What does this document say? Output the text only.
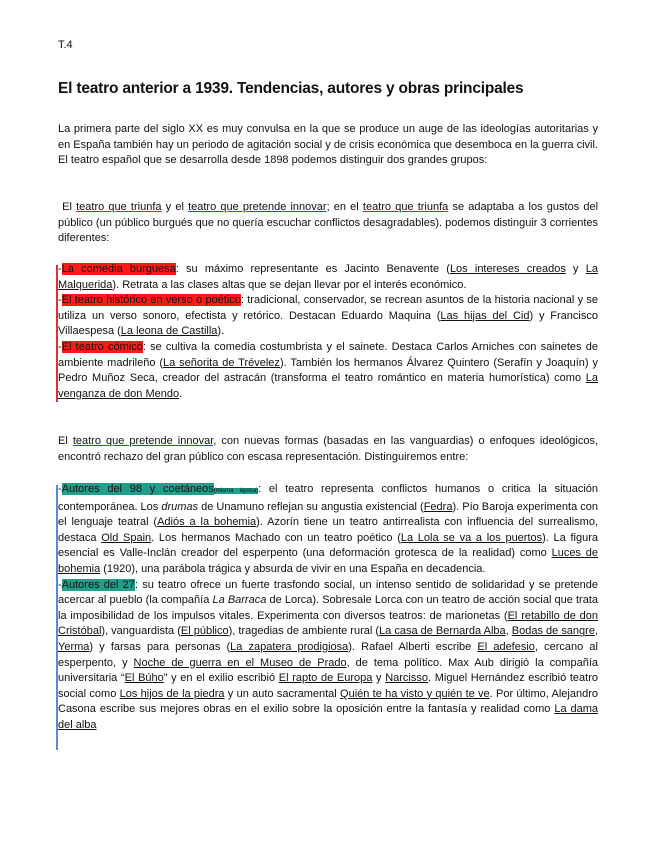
T.4
El teatro anterior a 1939. Tendencias, autores y obras principales

La primera parte del siglo XX es muy convulsa en la que se produce un auge de las ideologías autoritarias y en España también hay un periodo de agitación social y de crisis económica que desemboca en la guerra civil. El teatro español que se desarrolla desde 1898 podemos distinguir dos grandes grupos:

El teatro que triunfa y el teatro que pretende innovar; en el teatro que triunfa se adaptaba a los gustos del público (un público burgués que no quería escuchar conflictos desagradables). podemos distinguir 3 corrientes diferentes:

-La comedia burguesa: su máximo representante es Jacinto Benavente (Los intereses creados y La Malquerida). Retrata a las clases altas que se dejan llevar por el interés económico.

-El teatro histórico en verso o poético: tradicional, conservador, se recrean asuntos de la historia nacional y se utiliza un verso sonoro, efectista y retórico. Destacan Eduardo Maquina (Las hijas del Cid) y Francisco Villaespesa (La leona de Castilla).

-El teatro cómico: se cultiva la comedia costumbrista y el sainete. Destaca Carlos Arniches con sainetes de ambiente madrileño (La señorita de Trévelez). También los hermanos Álvarez Quintero (Serafín y Joaquín) y Pedro Muñoz Seca, creador del astracán (transforma el teatro romántico en materia humorística) como La venganza de don Mendo.

El teatro que pretende innovar, con nuevas formas (basadas en las vanguardias) o enfoques ideológicos, encontró rechazo del gran público con escasa representación. Distinguiremos entre:

-Autores del 98 y coetáneos(misma época): el teatro representa conflictos humanos o critica la situación contemporánea. Los drumas de Unamuno reflejan su angustia existencial (Fedra). Pío Baroja experimenta con el lenguaje teatral (Adiós a la bohemia). Azorín tiene un teatro antirrealista con influencia del surrealismo, destaca Old Spain. Los hermanos Machado con un teatro poético (La Lola se va a los puertos). La figura esencial es Valle-Inclán creador del esperpento (una deformación grotesca de la realidad) como Luces de bohemia (1920), una parábola trágica y absurda de vivir en una España en decadencia.

-Autores del 27: su teatro ofrece un fuerte trasfondo social, un intenso sentido de solidaridad y se pretende acercar al pueblo (la compañía La Barraca de Lorca). Sobresale Lorca con un teatro de acción social que trata la imposibilidad de los impulsos vitales. Experimenta con diversos teatros: de marionetas (El retabillo de don Cristóbal), vanguardista (El público), tragedias de ambiente rural (La casa de Bernarda Alba, Bodas de sangre, Yerma) y farsas para personas (La zapatera prodigiosa). Rafael Alberti escribe El adefesio, cercano al esperpento, y Noche de guerra en el Museo de Prado, de tema político. Max Aub dirigió la compañía universitaria “El Búho” y en el exilio escribió El rapto de Europa y Narcisso. Miguel Hernández escribió teatro social como Los hijos de la piedra y un auto sacramental Quién te ha visto y quién te ve. Por último, Alejandro Casona escribe sus mejores obras en el exilio sobre la oposición entre la fantasía y realidad como La dama del alba
